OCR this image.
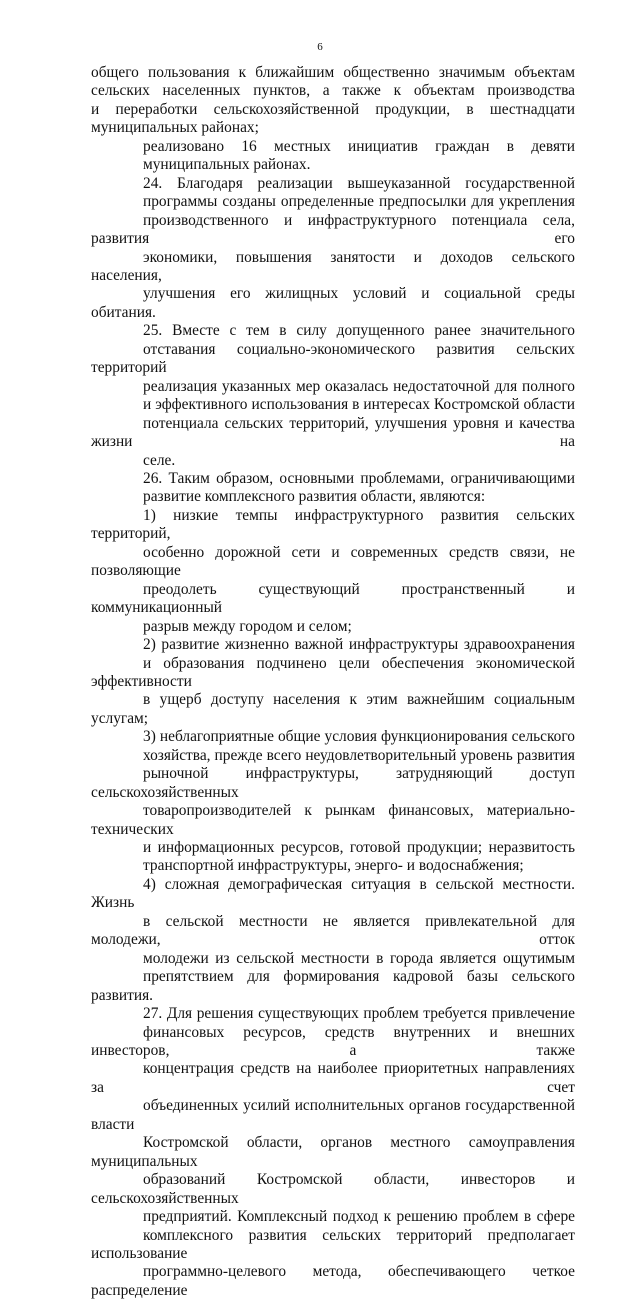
6

общего пользования к ближайшим общественно значимым объектам
сельских населенных пунктов, а также к объектам производства
и переработки сельскохозяйственной продукции, в шестнадцати
муниципальных районах;

реализовано 16 местных инициатив граждан в девяти
муниципальных районах.

24. Благодаря реализации вышеуказанной государственной
программы созданы определенные предпосылки для укрепления
производственного и инфраструктурного потенциала села, развития его
экономики, повышения занятости и доходов сельского населения,
улучшения его жилищных условий и социальной среды обитания.

25. Вместе с тем в силу допущенного ранее значительного
отставания социально-экономического развития сельских территорий
реализация указанных мер оказалась недостаточной для полного
и эффективного использования в интересах Костромской области
потенциала сельских территорий, улучшения уровня и качества жизни на
селе.

26. Таким образом, основными проблемами, ограничивающими
развитие комплексного развития области, являются:

1) низкие темпы инфраструктурного развития сельских территорий,
особенно дорожной сети и современных средств связи, не позволяющие
преодолеть существующий пространственный и коммуникационный
разрыв между городом и селом;

2) развитие жизненно важной инфраструктуры здравоохранения
и образования подчинено цели обеспечения экономической эффективности
в ущерб доступу населения к этим важнейшим социальным услугам;

3) неблагоприятные общие условия функционирования сельского
хозяйства, прежде всего неудовлетворительный уровень развития
рыночной инфраструктуры, затрудняющий доступ сельскохозяйственных
товаропроизводителей к рынкам финансовых, материально-технических
и информационных ресурсов, готовой продукции; неразвитость
транспортной инфраструктуры, энерго- и водоснабжения;

4) сложная демографическая ситуация в сельской местности. Жизнь
в сельской местности не является привлекательной для молодежи, отток
молодежи из сельской местности в города является ощутимым
препятствием для формирования кадровой базы сельского развития.

27. Для решения существующих проблем требуется привлечение
финансовых ресурсов, средств внутренних и внешних инвесторов, а также
концентрация средств на наиболее приоритетных направлениях за счет
объединенных усилий исполнительных органов государственной власти
Костромской области, органов местного самоуправления муниципальных
образований Костромской области, инвесторов и сельскохозяйственных
предприятий. Комплексный подход к решению проблем в сфере
комплексного развития сельских территорий предполагает использование
программно-целевого метода, обеспечивающего четкое распределение
